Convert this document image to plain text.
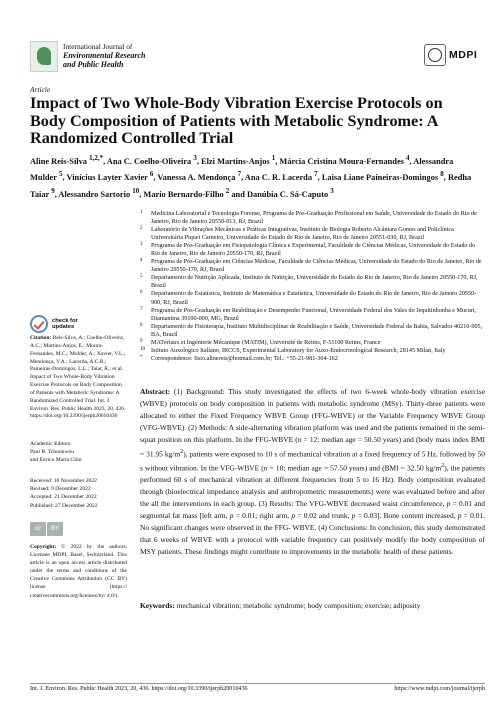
International Journal of
Environmental Research
and Public Health
MDPI
Article
Impact of Two Whole-Body Vibration Exercise Protocols on Body Composition of Patients with Metabolic Syndrome: A Randomized Controlled Trial
Aline Reis-Silva $^{1,2,*}$, Ana C. Coelho-Oliveira $^3$, Elzi Martins-Anjos $^1$, Márcia Cristina Moura-Fernandes $^4$, Alessandra Mulder $^5$, Vinícius Layter Xavier $^6$, Vanessa A. Mendonça $^7$, Ana C. R. Lacerda $^7$, Laisa Liane Paineiras-Domingos $^8$, Redha Taiar $^9$, Alessandro Sartorio $^{10}$, Mario Bernardo-Filho $^2$ and Danúbia C. Sá-Caputo $^3$
1 Medicina Laboratorial e Tecnologia Forense, Programa de Pós-Graduação Profissional em Saúde, Universidade do Estado do Rio de Janeiro, Rio de Janeiro 20550-013, RJ, Brazil
2 Laboratório de Vibrações Mecânicas e Práticas Integrativas, Instituto de Biologia Roberto Alcântara Gomes and Policlínica Universitária Piquet Carneiro, Universidade do Estado do Rio de Janeiro, Rio de Janeiro 20551-030, RJ, Brazil
3 Programa de Pós-Graduação em Fisiopatologia Clínica e Experimental, Faculdade de Ciências Médicas, Universidade do Estado do Rio de Janeiro, Rio de Janeiro 20550-170, RJ, Brazil
4 Programa de Pós-Graduação em Ciências Médicas, Faculdade de Ciências Médicas, Universidade do Estado do Rio de Janeiro, Rio de Janeiro 20550-170, RJ, Brazil
5 Departamento de Nutrição Aplicada, Instituto de Nutrição, Universidade do Estado do Rio de Janeiro, Rio de Janeiro 20550-170, RJ, Brazil
6 Departamento de Estatística, Instituto de Matemática e Estatística, Universidade do Estado do Rio de Janeiro, Rio de Janeiro 20550-900, RJ, Brazil
7 Programa de Pós-Graduação em Reabilitação e Desempenho Funcional, Universidade Federal dos Vales do Jequitinhonha e Mucuri, Diamantina 39100-000, MG, Brazil
8 Departamento de Fisioterapia, Instituto Multidisciplinar de Reabilitação e Saúde, Universidade Federal da Bahia, Salvador 40210-905, BA, Brazil
9 MATériaux et Ingénierie Mécanique (MATIM), Université de Reims, F-51100 Reims, France
10 Istituto Auxologico Italiano, IRCCS, Experimental Laboratory for Auxo-Endocrinological Research, 28145 Milan, Italy
* Correspondence: fisio.alinereis@hotmail.com.br; Tel.: +55-21-981-304-162
check for
updates
Citation: Reis-Silva, A.; Coelho-Oliveira, A.C.; Martins-Anjos, E.; Moura-Fernandes, M.C.; Mulder, A.; Xavier, V.L.; Mendonça, V.A.; Lacerda, A.C.R.; Paineiras-Domingos, L.L.; Taiar, R.; et al. Impact of Two Whole-Body Vibration Exercise Protocols on Body Composition of Patients with Metabolic Syndrome: A Randomized Controlled Trial. Int. J. Environ. Res. Public Health 2023, 20, 436. https://doi.org/10.3390/ijerph20010436
Academic Editors:
Paul B. Tchounwou
and Enrico Maria Clini
Received: 10 November 2022
Revised: 9 December 2022
Accepted: 21 December 2022
Published: 27 December 2022
cc	BY
Copyright: © 2022 by the authors. Licensee MDPI, Basel, Switzerland. This article is an open access article distributed under the terms and conditions of the Creative Commons Attribution (CC BY) license (https:// creativecommons.org/licenses/by/ 4.0/).
Abstract: (1) Background: This study investigated the effects of two 6-week whole-body vibration exercise (WBVE) protocols on body composition in patients with metabolic syndrome (MSy). Thirty-three patients were allocated to either the Fixed Frequency WBVE Group (FFG-WBVE) or the Variable Frequency WBVE Group (VFG-WBVE). (2) Methods: A side-alternating vibration platform was used and the patients remained in the semi-squat position on this platform. In the FFG-WBVE (n = 12; median age = 50.50 years) and (body mass index BMI = 31.95 $kg/m^2$), patients were exposed to 10 s of mechanical vibration at a fixed frequency of 5 Hz, followed by 50 s without vibration. In the VFG-WBVE (n = 10; median age = 57.50 years) and (BMI = 32.50 $kg/m^2$), the patients performed 60 s of mechanical vibration at different frequencies from 5 to 16 Hz). Body composition evaluated through (bioelectrical impedance analysis and anthropometric measurements) were was evaluated before and after the all the interventions in each group. (3) Results: The VFG-WBVE decreased waist circumference, p = 0.01 and segmental fat mass [left arm, p = 0.01; right arm, p = 0.02 and trunk, p = 0.03]. Bone content increased, p = 0.01. No significant changes were observed in the FFG- WBVE. (4) Conclusions: In conclusion, this study demonstrated that 6 weeks of WBVE with a protocol with variable frequency can positively modify the body composition of MSY patients. These findings might contribute to improvements in the metabolic health of these patients.
Keywords: mechanical vibration; metabolic syndrome; body composition; exercise; adiposity
Int. J. Environ. Res. Public Health 2023, 20, 436. https://doi.org/10.3390/ijerph20010436	https://www.mdpi.com/journal/ijerph
